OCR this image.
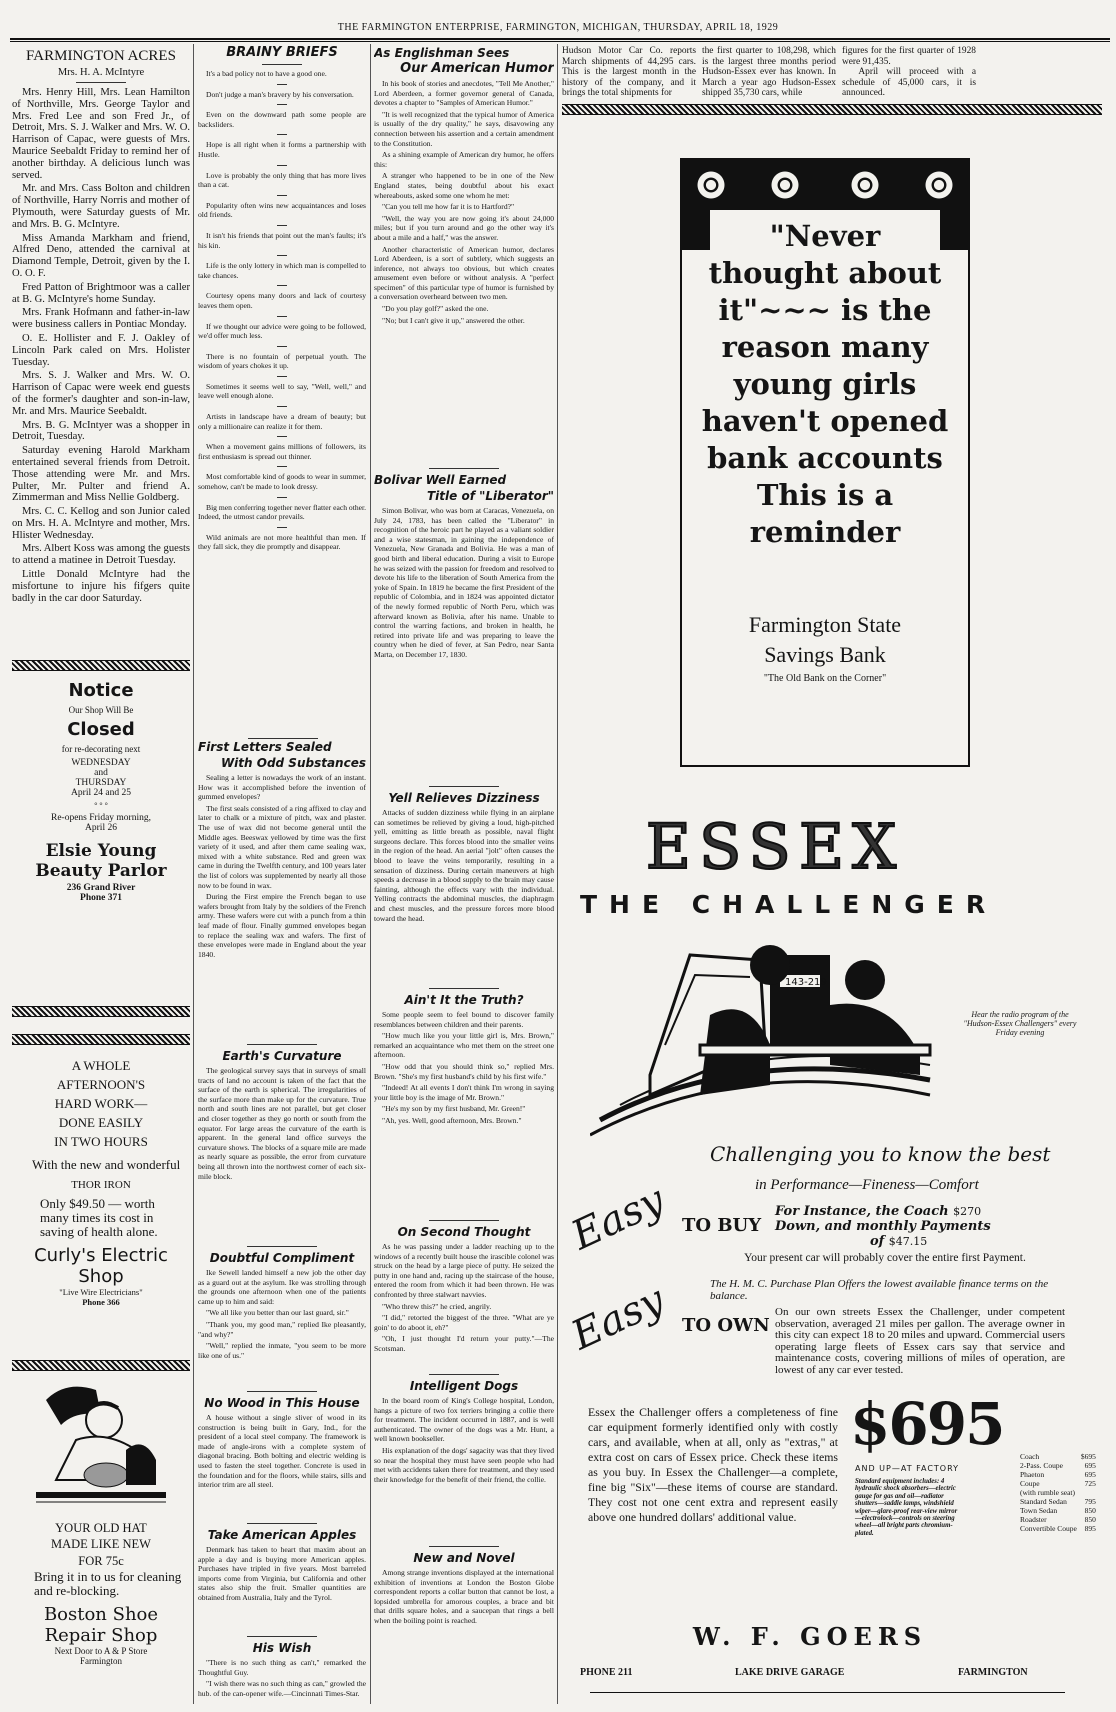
THE FARMINGTON ENTERPRISE, FARMINGTON, MICHIGAN, THURSDAY, APRIL 18, 1929
FARMINGTON ACRES
Mrs. H. A. McIntyre

Mrs. Henry Hill, Mrs. Lean Hamilton of Northville, Mrs. George Taylor and Mrs. Fred Lee and son Fred Jr., of Detroit, Mrs. S. J. Walker and Mrs. W. O. Harrison of Capac, were guests of Mrs. Maurice Seebaldt Friday to remind her of another birthday. A delicious lunch was served.

Mr. and Mrs. Cass Bolton and children of Northville, Harry Norris and mother of Plymouth, were Saturday guests of Mr. and Mrs. B. G. McIntyre.

Miss Amanda Markham and friend, Alfred Deno, attended the carnival at Diamond Temple, Detroit, given by the I. O. O. F.

Fred Patton of Brightmoor was a caller at B. G. McIntyre's home Sunday.

Mrs. Frank Hofmann and father-in-law were business callers in Pontiac Monday.

O. E. Hollister and F. J. Oakley of Lincoln Park caled on Mrs. Holister Tuesday.

Mrs. S. J. Walker and Mrs. W. O. Harrison of Capac were week end guests of the former's daughter and son-in-law, Mr. and Mrs. Maurice Seebaldt.

Mrs. B. G. McIntyer was a shopper in Detroit, Tuesday.

Saturday evening Harold Markham entertained several friends from Detroit. Those attending were Mr. and Mrs. Pulter, Mr. Pulter and friend A. Zimmerman and Miss Nellie Goldberg.

Mrs. C. C. Kellog and son Junior caled on Mrs. H. A. McIntyre and mother, Mrs. Hlister Wednesday.

Mrs. Albert Koss was among the guests to attend a matinee in Detroit Tuesday.

Little Donald McIntyre had the misfortune to injure his fifgers quite badly in the car door Saturday.

Notice
Our Shop Will Be
Closed
for re-decorating next
WEDNESDAY
and
THURSDAY
April 24 and 25
° ° °
Re-opens Friday morning,
April 26
Elsie Young
Beauty Parlor
236 Grand River
Phone 371
A WHOLE
AFTERNOON'S
HARD WORK—
DONE EASILY
IN TWO HOURS
With the new and wonderful
THOR IRON
Only $49.50 — worth many times its cost in saving of health alone.
Curly's Electric
Shop
"Live Wire Electricians"
Phone 366
YOUR OLD HAT
MADE LIKE NEW
FOR 75c
Bring it in to us for cleaning and re-blocking.
Boston Shoe
Repair Shop
Next Door to A & P Store
Farmington
BRAINY BRIEFS

It's a bad policy not to have a good one.

Don't judge a man's bravery by his conversation.

Even on the downward path some people are backsliders.

Hope is all right when it forms a partnership with Hustle.

Love is probably the only thing that has more lives than a cat.

Popularity often wins new acquaintances and loses old friends.

It isn't his friends that point out the man's faults; it's his kin.

Life is the only lottery in which man is compelled to take chances.

Courtesy opens many doors and lack of courtesy leaves them open.

If we thought our advice were going to be followed, we'd offer much less.

There is no fountain of perpetual youth. The wisdom of years chokes it up.

Sometimes it seems well to say, "Well, well," and leave well enough alone.

Artists in landscape have a dream of beauty; but only a millionaire can realize it for them.

When a movement gains millions of followers, its first enthusiasm is spread out thinner.

Most comfortable kind of goods to wear in summer, somehow, can't be made to look dressy.

Big men conferring together never flatter each other. Indeed, the utmost candor prevails.

Wild animals are not more healthful than men. If they fall sick, they die promptly and disappear.

First Letters Sealed
With Odd Substances

Sealing a letter is nowadays the work of an instant. How was it accomplished before the invention of gummed envelopes?

The first seals consisted of a ring affixed to clay and later to chalk or a mixture of pitch, wax and plaster. The use of wax did not become general until the Middle ages. Beeswax yellowed by time was the first variety of it used, and after them came sealing wax, mixed with a white substance. Red and green wax came in during the Twelfth century, and 100 years later the list of colors was supplemented by nearly all those now to be found in wax.

During the First empire the French began to use wafers brought from Italy by the soldiers of the French army. These wafers were cut with a punch from a thin leaf made of flour. Finally gummed envelopes began to replace the sealing wax and wafers. The first of these envelopes were made in England about the year 1840.

Earth's Curvature

The geological survey says that in surveys of small tracts of land no account is taken of the fact that the surface of the earth is spherical. The irregularities of the surface more than make up for the curvature. True north and south lines are not parallel, but get closer and closer together as they go north or south from the equator. For large areas the curvature of the earth is apparent. In the general land office surveys the curvature shows. The blocks of a square mile are made as nearly square as possible, the error from curvature being all thrown into the northwest corner of each six-mile block.

Doubtful Compliment

Ike Sewell landed himself a new job the other day as a guard out at the asylum. Ike was strolling through the grounds one afternoon when one of the patients came up to him and said:

"We all like you better than our last guard, sir."

"Thank you, my good man," replied Ike pleasantly, "and why?"

"Well," replied the inmate, "you seem to be more like one of us."

No Wood in This House

A house without a single sliver of wood in its construction is being built in Gary, Ind., for the president of a local steel company. The framework is made of angle-irons with a complete system of diagonal bracing. Both bolting and electric welding is used to fasten the steel together. Concrete is used in the foundation and for the floors, while stairs, sills and interior trim are all steel.

Take American Apples

Denmark has taken to heart that maxim about an apple a day and is buying more American apples. Purchases have tripled in five years. Most barreled imports come from Virginia, but California and other states also ship the fruit. Smaller quantities are obtained from Australia, Italy and the Tyrol.

His Wish

"There is no such thing as can't," remarked the Thoughtful Guy.

"I wish there was no such thing as can," growled the hub. of the can-opener wife.—Cincinnati Times-Star.

As Englishman Sees
Our American Humor

In his book of stories and anecdotes, "Tell Me Another," Lord Aberdeen, a former governor general of Canada, devotes a chapter to "Samples of American Humor."

"It is well recognized that the typical humor of America is usually of the dry quality," he says, disavowing any connection between his assertion and a certain amendment to the Constitution.

As a shining example of American dry humor, he offers this:

A stranger who happened to be in one of the New England states, being doubtful about his exact whereabouts, asked some one whom he met:

"Can you tell me how far it is to Hartford?"

"Well, the way you are now going it's about 24,000 miles; but if you turn around and go the other way it's about a mile and a half," was the answer.

Another characteristic of American humor, declares Lord Aberdeen, is a sort of subtlety, which suggests an inference, not always too obvious, but which creates amusement even before or without analysis. A "perfect specimen" of this particular type of humor is furnished by a conversation overheard between two men.

"Do you play golf?" asked the one.

"No; but I can't give it up," answered the other.

Bolivar Well Earned
Title of "Liberator"

Simon Bolivar, who was born at Caracas, Venezuela, on July 24, 1783, has been called the "Liberator" in recognition of the heroic part he played as a valiant soldier and a wise statesman, in gaining the independence of Venezuela, New Granada and Bolivia. He was a man of good birth and liberal education. During a visit to Europe he was seized with the passion for freedom and resolved to devote his life to the liberation of South America from the yoke of Spain. In 1819 he became the first President of the republic of Colombia, and in 1824 was appointed dictator of the newly formed republic of North Peru, which was afterward known as Bolivia, after his name. Unable to control the warring factions, and broken in health, he retired into private life and was preparing to leave the country when he died of fever, at San Pedro, near Santa Marta, on December 17, 1830.

Yell Relieves Dizziness

Attacks of sudden dizziness while flying in an airplane can sometimes be relieved by giving a loud, high-pitched yell, emitting as little breath as possible, naval flight surgeons declare. This forces blood into the smaller veins in the region of the head. An aerial "jolt" often causes the blood to leave the veins temporarily, resulting in a sensation of dizziness. During certain maneuvers at high speeds a decrease in a blood supply to the brain may cause fainting, although the effects vary with the individual. Yelling contracts the abdominal muscles, the diaphragm and chest muscles, and the pressure forces more blood toward the head.

Ain't It the Truth?

Some people seem to feel bound to discover family resemblances between children and their parents.

"How much like you your little girl is, Mrs. Brown," remarked an acquaintance who met them on the street one afternoon.

"How odd that you should think so," replied Mrs. Brown. "She's my first husband's child by his first wife."

"Indeed! At all events I don't think I'm wrong in saying your little boy is the image of Mr. Brown."

"He's my son by my first husband, Mr. Green!"

"Ah, yes. Well, good afternoon, Mrs. Brown."

On Second Thought

As he was passing under a ladder reaching up to the windows of a recently built house the irascible colonel was struck on the head by a large piece of putty. He seized the putty in one hand and, racing up the staircase of the house, entered the room from which it had been thrown. He was confronted by three stalwart navvies.

"Who threw this?" he cried, angrily.

"I did," retorted the biggest of the three. "What are ye goin' to do aboot it, eh?"

"Oh, I just thought I'd return your putty."—The Scotsman.

Intelligent Dogs

In the board room of King's College hospital, London, hangs a picture of two fox terriers bringing a collie there for treatment. The incident occurred in 1887, and is well authenticated. The owner of the dogs was a Mr. Hunt, a well known bookseller.

His explanation of the dogs' sagacity was that they lived so near the hospital they must have seen people who had met with accidents taken there for treatment, and they used their knowledge for the benefit of their friend, the collie.

New and Novel

Among strange inventions displayed at the international exhibition of inventions at London the Boston Globe correspondent reports a collar button that cannot be lost, a lopsided umbrella for amorous couples, a brace and bit that drills square holes, and a saucepan that rings a bell when the boiling point is reached.

Hudson Motor Car Co. reports March shipments of 44,295 cars. This is the largest month in the history of the company, and it brings the total shipments for
the first quarter to 108,298, which is the largest three months period Hudson-Essex ever has known. In March a year ago Hudson-Essex shipped 35,730 cars, while
figures for the first quarter of 1928 were 91,435.
April will proceed with a schedule of 45,000 cars, it is announced.
"Never
thought about
it"~~~ is the
reason many
young girls
haven't opened
bank accounts
This is a
reminder
Farmington State
Savings Bank
"The Old Bank on the Corner"
ESSEX
THE CHALLENGER
143-219
Hear the radio program of the "Hudson-Essex Challengers" every Friday evening
Challenging you to know the best
in Performance—Fineness—Comfort
Easy TO BUY
For Instance, the Coach $270
Down, and monthly Payments
of $47.15
Your present car will probably cover the entire first Payment.
The H. M. C. Purchase Plan Offers the lowest available finance terms on the balance.
Easy TO OWN
On our own streets Essex the Challenger, under competent observation, averaged 21 miles per gallon. The average owner in this city can expect 18 to 20 miles and upward. Commercial users operating large fleets of Essex cars say that service and maintenance costs, covering millions of miles of operation, are lowest of any car ever tested.
Essex the Challenger offers a completeness of fine car equipment formerly identified only with costly cars, and available, when at all, only as "extras," at extra cost on cars of Essex price. Check these items as you buy. In Essex the Challenger—a complete, fine big "Six"—these items of course are standard. They cost not one cent extra and represent easily above one hundred dollars' additional value.
$695
AND UP—AT FACTORY
Standard equipment includes: 4 hydraulic shock absorbers—electric gauge for gas and oil—radiator shutters—saddle lamps, windshield wiper—glare-proof rear-view mirror—electrolock—controls on steering wheel—all bright parts chromium-plated.
Coach	$695
2-Pass. Coupe	695
Phaeton	695
Coupe	725
(with rumble seat)	
Standard Sedan	795
Town Sedan	850
Roadster	850
Convertible Coupe	895
W. F. GOERS
PHONE 211	LAKE DRIVE GARAGE	FARMINGTON
